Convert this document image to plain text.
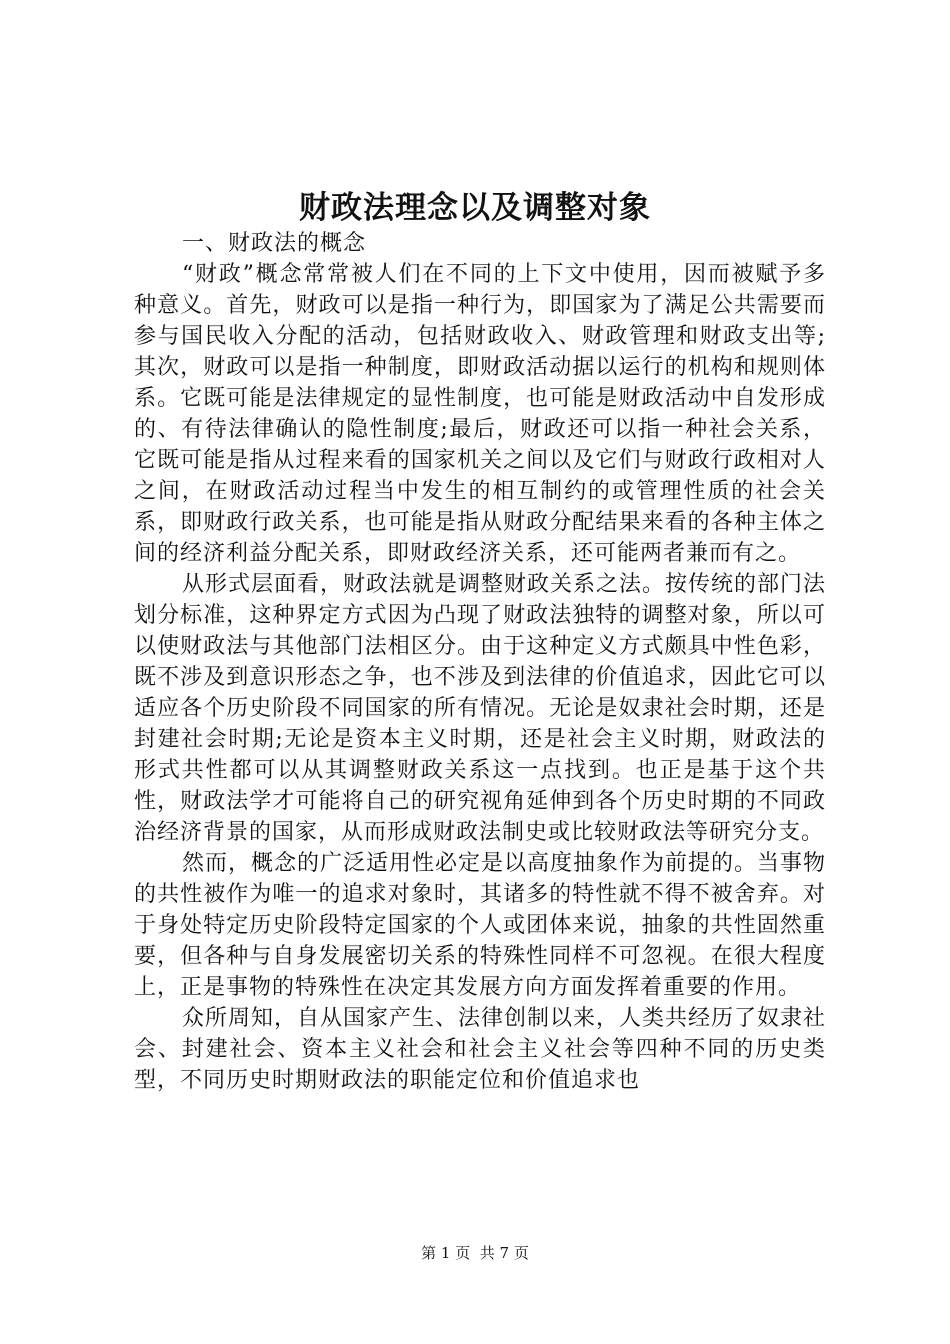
财政法理念以及调整对象

一、财政法的概念

“财政”概念常常被人们在不同的上下文中使用，因而被赋予多种意义。首先，财政可以是指一种行为，即国家为了满足公共需要而参与国民收入分配的活动，包括财政收入、财政管理和财政支出等;其次，财政可以是指一种制度，即财政活动据以运行的机构和规则体系。它既可能是法律规定的显性制度，也可能是财政活动中自发形成的、有待法律确认的隐性制度;最后，财政还可以指一种社会关系，它既可能是指从过程来看的国家机关之间以及它们与财政行政相对人之间，在财政活动过程当中发生的相互制约的或管理性质的社会关系，即财政行政关系，也可能是指从财政分配结果来看的各种主体之间的经济利益分配关系，即财政经济关系，还可能两者兼而有之。

从形式层面看，财政法就是调整财政关系之法。按传统的部门法划分标准，这种界定方式因为凸现了财政法独特的调整对象，所以可以使财政法与其他部门法相区分。由于这种定义方式颇具中性色彩，既不涉及到意识形态之争，也不涉及到法律的价值追求，因此它可以适应各个历史阶段不同国家的所有情况。无论是奴隶社会时期，还是封建社会时期;无论是资本主义时期，还是社会主义时期，财政法的形式共性都可以从其调整财政关系这一点找到。也正是基于这个共性，财政法学才可能将自己的研究视角延伸到各个历史时期的不同政治经济背景的国家，从而形成财政法制史或比较财政法等研究分支。

然而，概念的广泛适用性必定是以高度抽象作为前提的。当事物的共性被作为唯一的追求对象时，其诸多的特性就不得不被舍弃。对于身处特定历史阶段特定国家的个人或团体来说，抽象的共性固然重要，但各种与自身发展密切关系的特殊性同样不可忽视。在很大程度上，正是事物的特殊性在决定其发展方向方面发挥着重要的作用。

众所周知，自从国家产生、法律创制以来，人类共经历了奴隶社会、封建社会、资本主义社会和社会主义社会等四种不同的历史类型，不同历史时期财政法的职能定位和价值追求也

第 1 页  共 7 页
